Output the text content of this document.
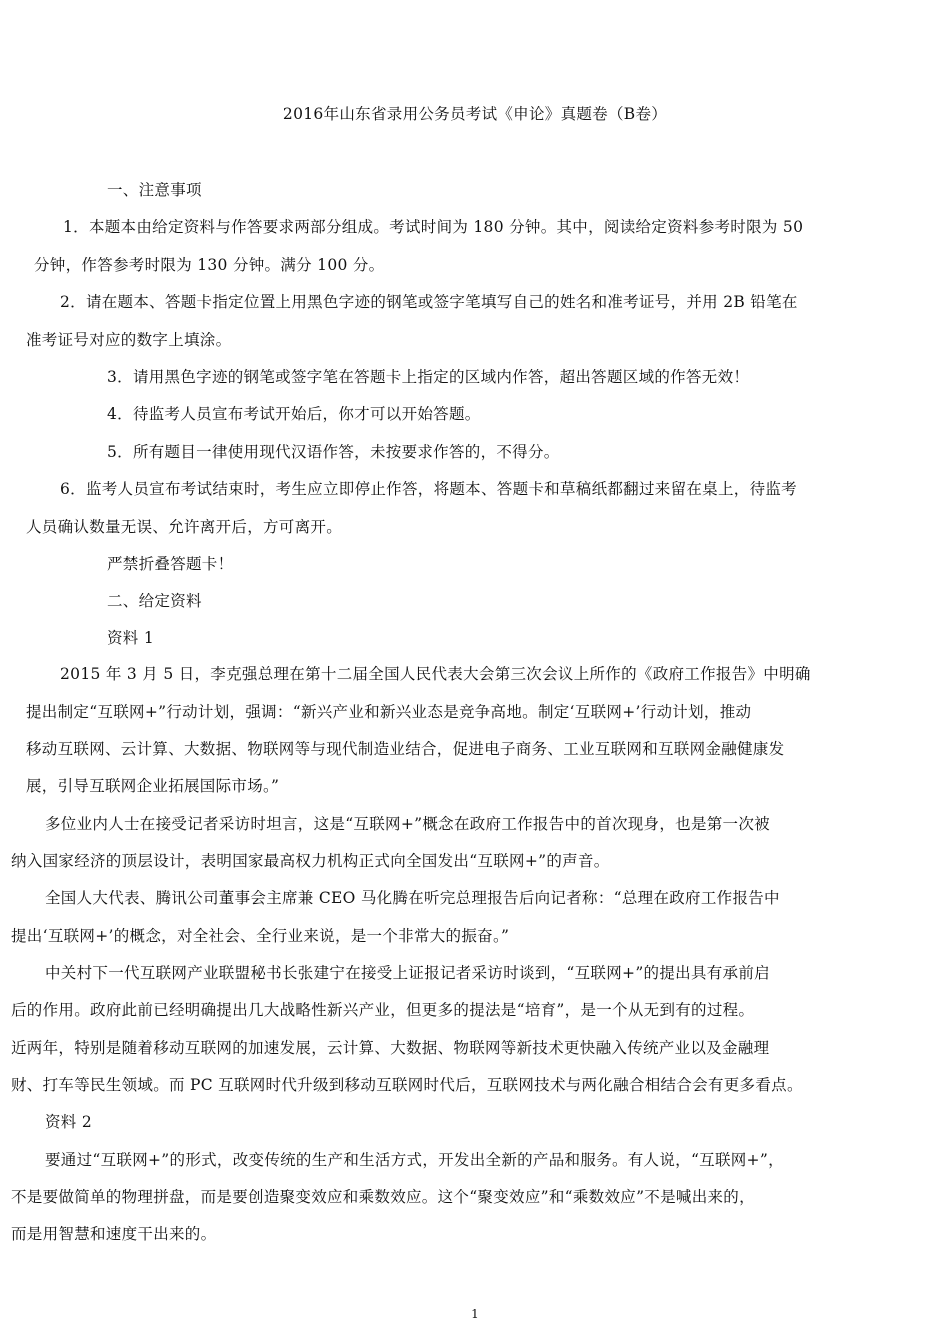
2016年山东省录用公务员考试《申论》真题卷（B卷）
一、注意事项
1．本题本由给定资料与作答要求两部分组成。考试时间为 180 分钟。其中，阅读给定资料参考时限为 50
分钟，作答参考时限为 130 分钟。满分 100 分。
2．请在题本、答题卡指定位置上用黑色字迹的钢笔或签字笔填写自己的姓名和准考证号，并用 2B 铅笔在
准考证号对应的数字上填涂。
3．请用黑色字迹的钢笔或签字笔在答题卡上指定的区域内作答，超出答题区域的作答无效！
4．待监考人员宣布考试开始后，你才可以开始答题。
5．所有题目一律使用现代汉语作答，未按要求作答的，不得分。
6．监考人员宣布考试结束时，考生应立即停止作答，将题本、答题卡和草稿纸都翻过来留在桌上，待监考
人员确认数量无误、允许离开后，方可离开。
严禁折叠答题卡！
二、给定资料
资料 1
2015 年 3 月 5 日，李克强总理在第十二届全国人民代表大会第三次会议上所作的《政府工作报告》中明确
提出制定“互联网+”行动计划，强调：“新兴产业和新兴业态是竞争高地。制定‘互联网+’行动计划，推动
移动互联网、云计算、大数据、物联网等与现代制造业结合，促进电子商务、工业互联网和互联网金融健康发
展，引导互联网企业拓展国际市场。”
多位业内人士在接受记者采访时坦言，这是“互联网+”概念在政府工作报告中的首次现身，也是第一次被
纳入国家经济的顶层设计，表明国家最高权力机构正式向全国发出“互联网+”的声音。
全国人大代表、腾讯公司董事会主席兼 CEO 马化腾在听完总理报告后向记者称：“总理在政府工作报告中
提出‘互联网+’的概念，对全社会、全行业来说，是一个非常大的振奋。”
中关村下一代互联网产业联盟秘书长张建宁在接受上证报记者采访时谈到，“互联网+”的提出具有承前启
后的作用。政府此前已经明确提出几大战略性新兴产业，但更多的提法是“培育”，是一个从无到有的过程。
近两年，特别是随着移动互联网的加速发展，云计算、大数据、物联网等新技术更快融入传统产业以及金融理
财、打车等民生领域。而 PC 互联网时代升级到移动互联网时代后，互联网技术与两化融合相结合会有更多看点。
资料 2
要通过“互联网+”的形式，改变传统的生产和生活方式，开发出全新的产品和服务。有人说，“互联网+”，
不是要做简单的物理拼盘，而是要创造聚变效应和乘数效应。这个“聚变效应”和“乘数效应”不是喊出来的，
而是用智慧和速度干出来的。
1
